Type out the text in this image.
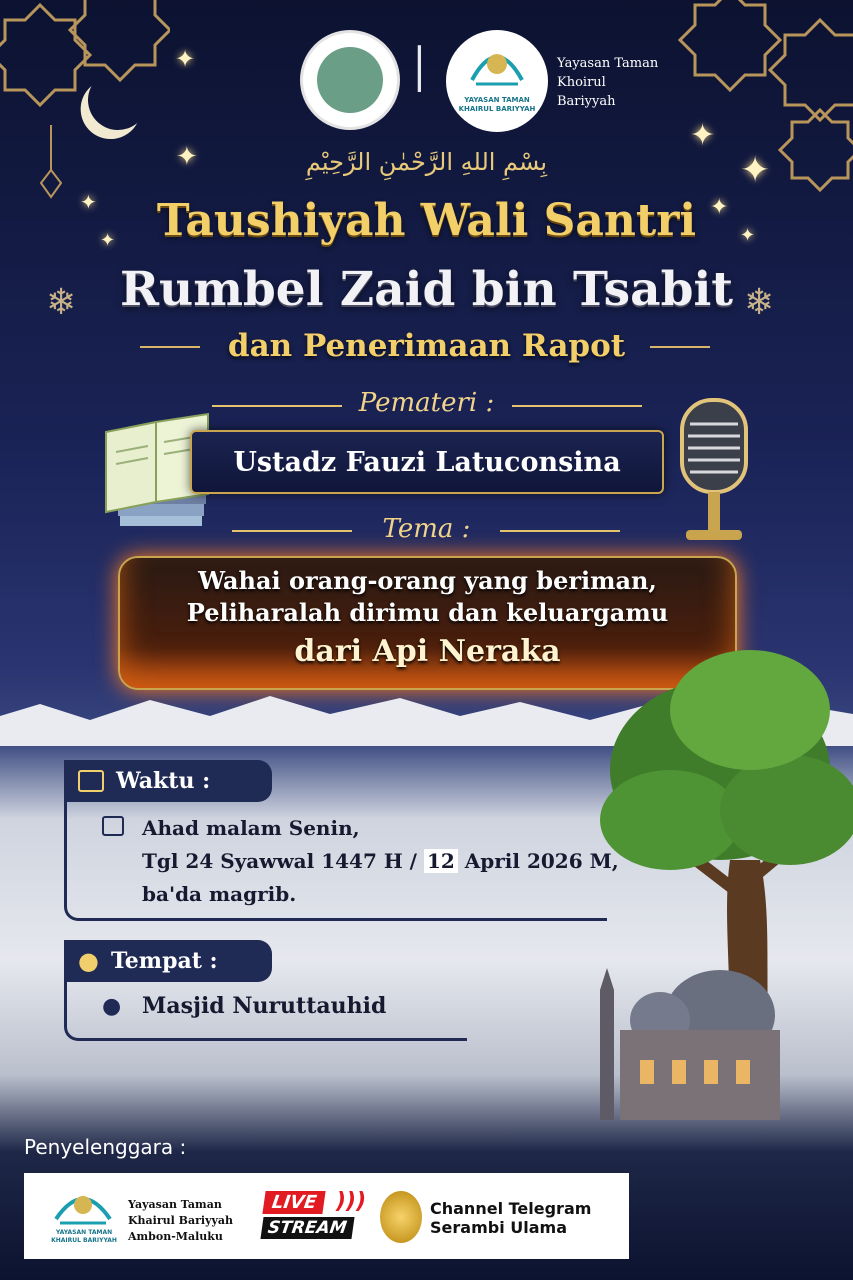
✦
✦
✦
✦	✦
✦
✦
✦
I	YAYASAN TAMAN KHAIRUL BARIYYAH
Yayasan Taman
Khoirul
Bariyyah
بِسْمِ اللهِ الرَّحْمٰنِ الرَّحِيْمِ
Taushiyah Wali Santri
Rumbel Zaid bin Tsabit
dan Penerimaan Rapot
❄	❄
Pemateri :
Ustadz Fauzi Latuconsina
Tema :
Wahai orang-orang yang beriman,
Peliharalah dirimu dan keluargamu
dari Api Neraka
Waktu :
Ahad malam Senin,
Tgl 24 Syawwal 1447 H / 12 April 2026 M,
ba'da magrib.
● Tempat :
● Masjid Nuruttauhid
Penyelenggara :
YAYASAN TAMAN KHAIRUL BARIYYAH
Yayasan Taman
Khairul Bariyyah
Ambon-Maluku
LIVE
STREAM
)))	Channel Telegram
Serambi Ulama
